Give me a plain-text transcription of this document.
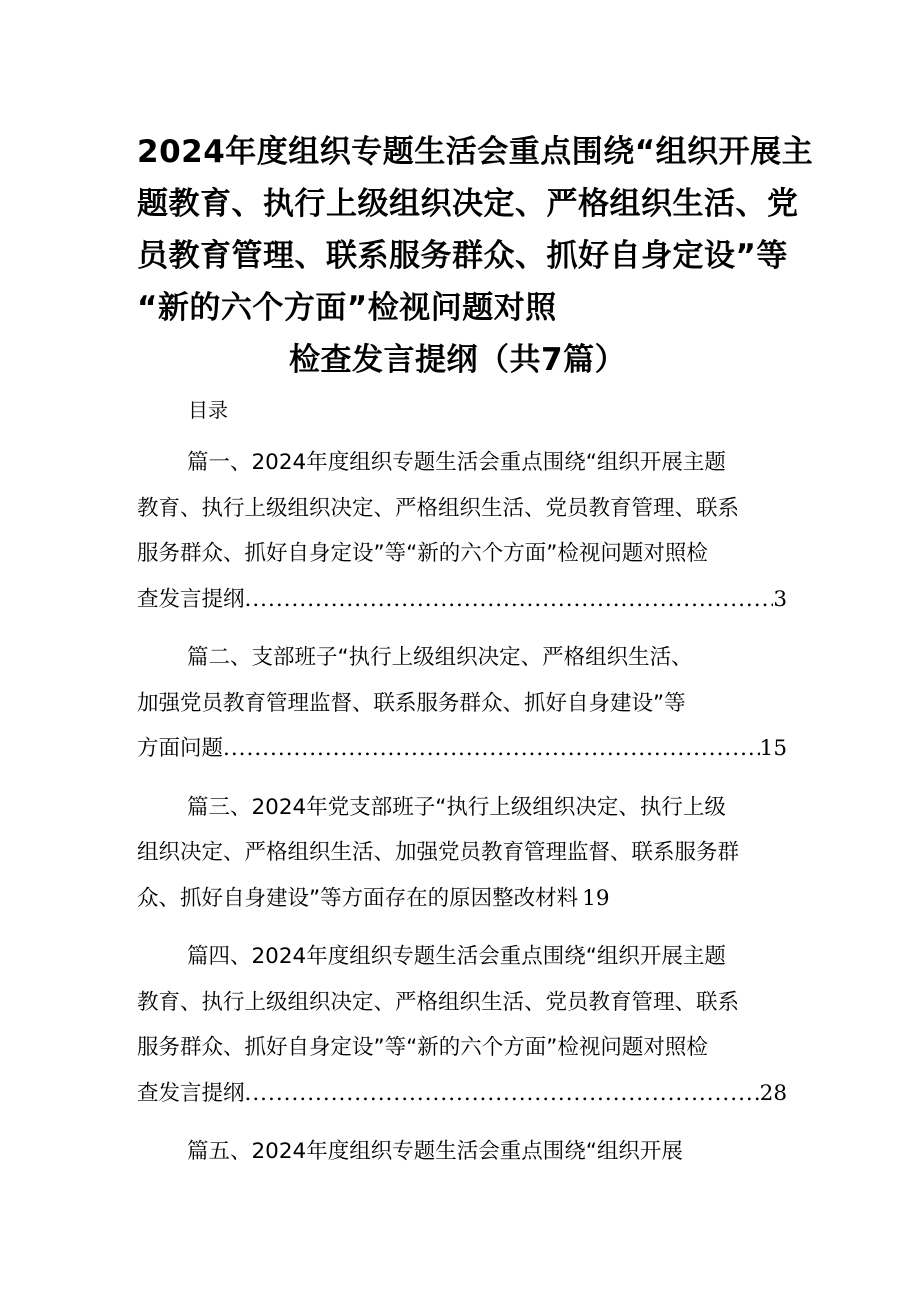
2024年度组织专题生活会重点围绕“组织开展主
题教育、执行上级组织决定、严格组织生活、党
员教育管理、联系服务群众、抓好自身定设”等
“新的六个方面”检视问题对照
检查发言提纲（共7篇）
目录
篇一、2024年度组织专题生活会重点围绕“组织开展主题
教育、执行上级组织决定、严格组织生活、党员教育管理、联系
服务群众、抓好自身定设”等“新的六个方面”检视问题对照检
查发言提纲 .....	3
篇二、支部班子“执行上级组织决定、严格组织生活、
加强党员教育管理监督、联系服务群众、抓好自身建设”等
方面问题 .....	15
篇三、2024年党支部班子“执行上级组织决定、执行上级
组织决定、严格组织生活、加强党员教育管理监督、联系服务群
众、抓好自身建设”等方面存在的原因整改材料 19
篇四、2024年度组织专题生活会重点围绕“组织开展主题
教育、执行上级组织决定、严格组织生活、党员教育管理、联系
服务群众、抓好自身定设”等“新的六个方面”检视问题对照检
查发言提纲 .....	28
篇五、2024年度组织专题生活会重点围绕“组织开展
